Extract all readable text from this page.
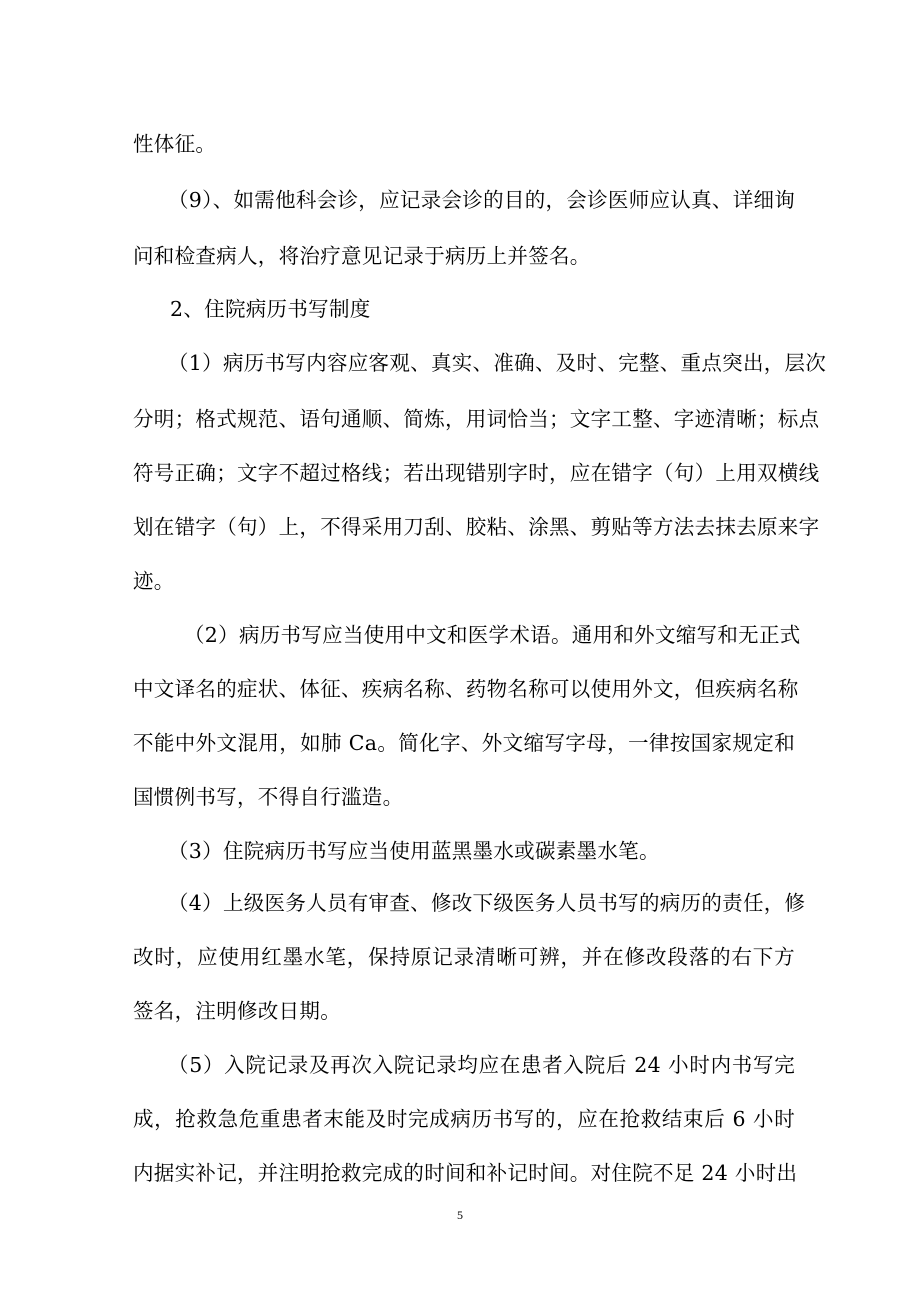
性体征。
（9）、如需他科会诊，应记录会诊的目的，会诊医师应认真、详细询
问和检查病人，将治疗意见记录于病历上并签名。
2、住院病历书写制度
（1）病历书写内容应客观、真实、准确、及时、完整、重点突出，层次
分明；格式规范、语句通顺、简炼，用词恰当；文字工整、字迹清晰；标点
符号正确；文字不超过格线；若出现错别字时，应在错字（句）上用双横线
划在错字（句）上，不得采用刀刮、胶粘、涂黑、剪贴等方法去抹去原来字
迹。
（2）病历书写应当使用中文和医学术语。通用和外文缩写和无正式
中文译名的症状、体征、疾病名称、药物名称可以使用外文，但疾病名称
不能中外文混用，如肺 Ca。简化字、外文缩写字母，一律按国家规定和
国惯例书写，不得自行滥造。
（3）住院病历书写应当使用蓝黑墨水或碳素墨水笔。
（4）上级医务人员有审查、修改下级医务人员书写的病历的责任，修
改时，应使用红墨水笔，保持原记录清晰可辨，并在修改段落的右下方
签名，注明修改日期。
（5）入院记录及再次入院记录均应在患者入院后 24 小时内书写完
成，抢救急危重患者末能及时完成病历书写的，应在抢救结束后 6 小时
内据实补记，并注明抢救完成的时间和补记时间。对住院不足 24 小时出
5
